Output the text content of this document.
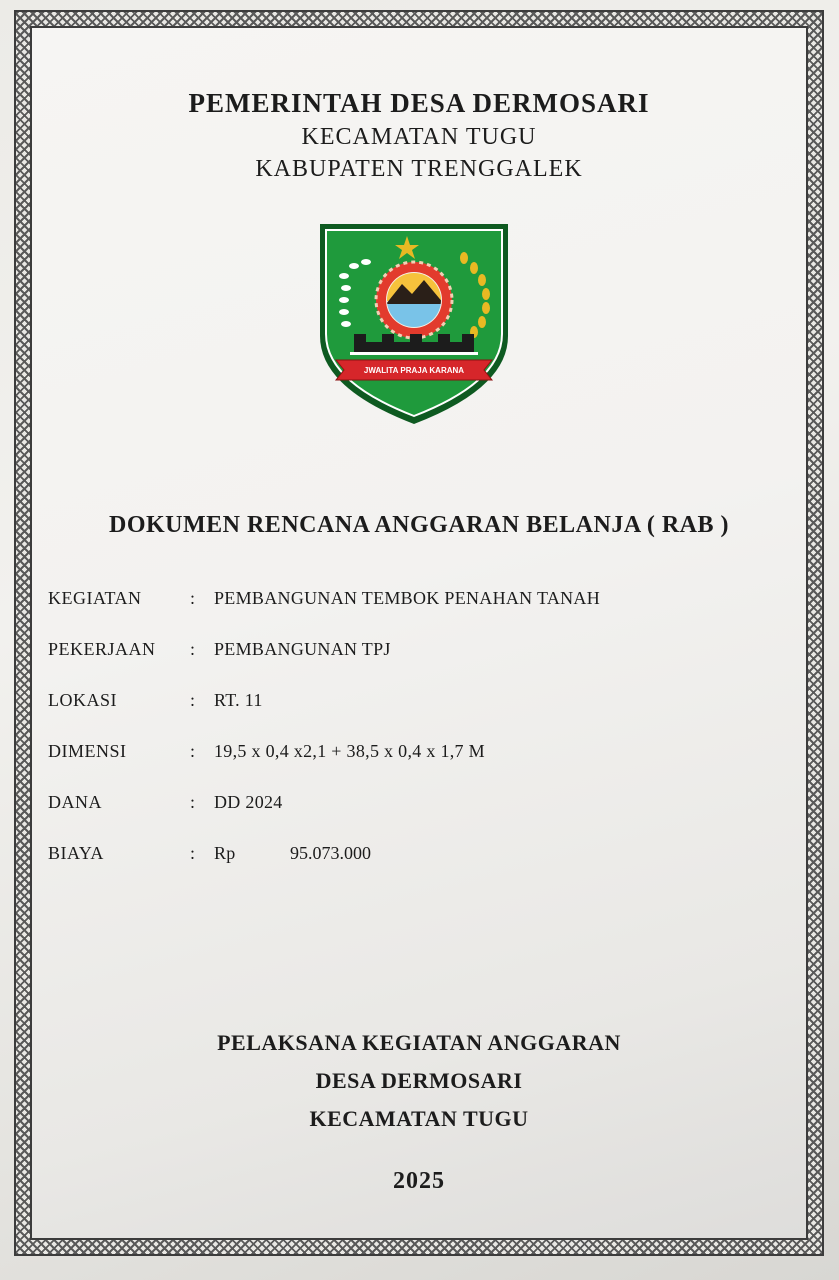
PEMERINTAH DESA DERMOSARI

KECAMATAN TUGU

KABUPATEN TRENGGALEK

JWALITA PRAJA KARANA

DOKUMEN RENCANA ANGGARAN BELANJA ( RAB )

KEGIATAN	: PEMBANGUNAN TEMBOK PENAHAN TANAH
PEKERJAAN : PEMBANGUNAN TPJ
LOKASI	: RT. 11
DIMENSI	: 19,5 x 0,4 x2,1 + 38,5 x 0,4 x 1,7 M
DANA	: DD 2024
BIAYA	: Rp	95.073.000

PELAKSANA KEGIATAN ANGGARAN

DESA DERMOSARI

KECAMATAN TUGU

2025
